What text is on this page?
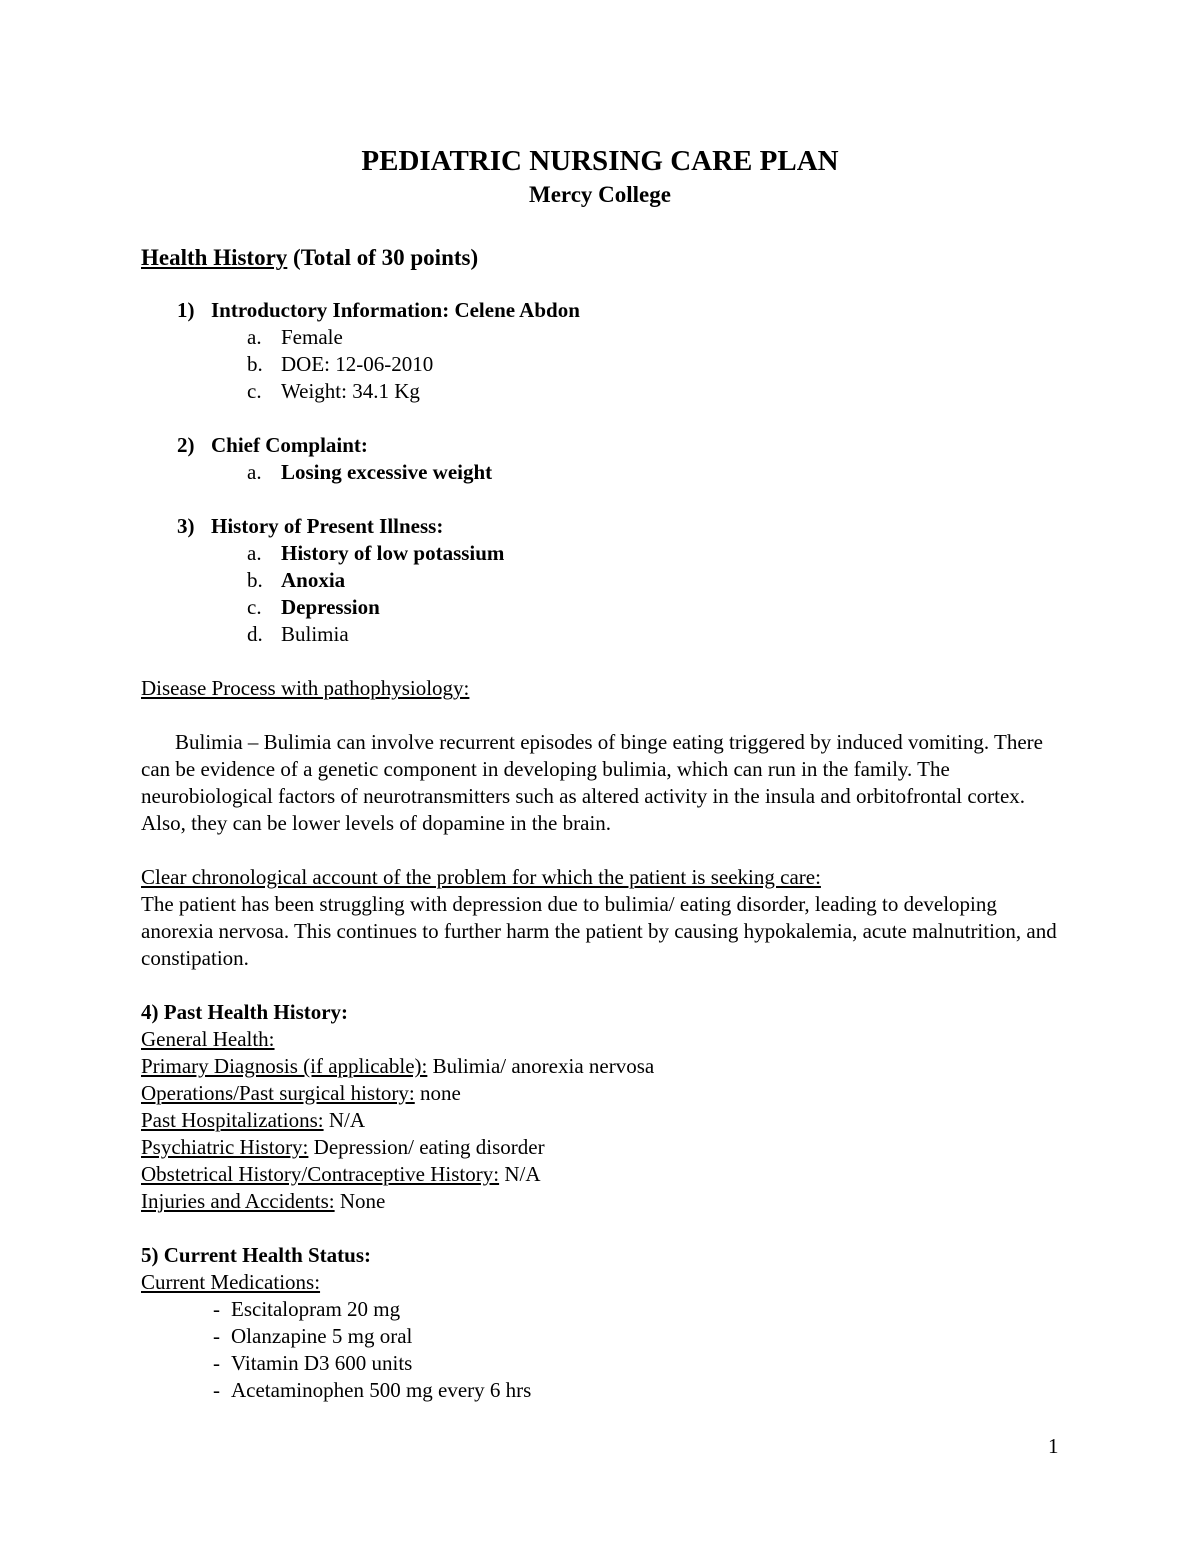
PEDIATRIC NURSING CARE PLAN
Mercy College
Health History (Total of 30 points)
1) Introductory Information: Celene Abdon
a. Female
b. DOE: 12-06-2010
c. Weight: 34.1 Kg
2) Chief Complaint:
a. Losing excessive weight
3) History of Present Illness:
a. History of low potassium
b. Anoxia
c. Depression
d. Bulimia
Disease Process with pathophysiology:
Bulimia – Bulimia can involve recurrent episodes of binge eating triggered by induced vomiting. There can be evidence of a genetic component in developing bulimia, which can run in the family. The neurobiological factors of neurotransmitters such as altered activity in the insula and orbitofrontal cortex. Also, they can be lower levels of dopamine in the brain.
Clear chronological account of the problem for which the patient is seeking care:
The patient has been struggling with depression due to bulimia/ eating disorder, leading to developing anorexia nervosa. This continues to further harm the patient by causing hypokalemia, acute malnutrition, and constipation.
4) Past Health History:
General Health:
Primary Diagnosis (if applicable): Bulimia/ anorexia nervosa
Operations/Past surgical history: none
Past Hospitalizations: N/A
Psychiatric History: Depression/ eating disorder
Obstetrical History/Contraceptive History: N/A
Injuries and Accidents: None
5) Current Health Status:
Current Medications:
- Escitalopram 20 mg
- Olanzapine 5 mg oral
- Vitamin D3 600 units
- Acetaminophen 500 mg every 6 hrs
1
